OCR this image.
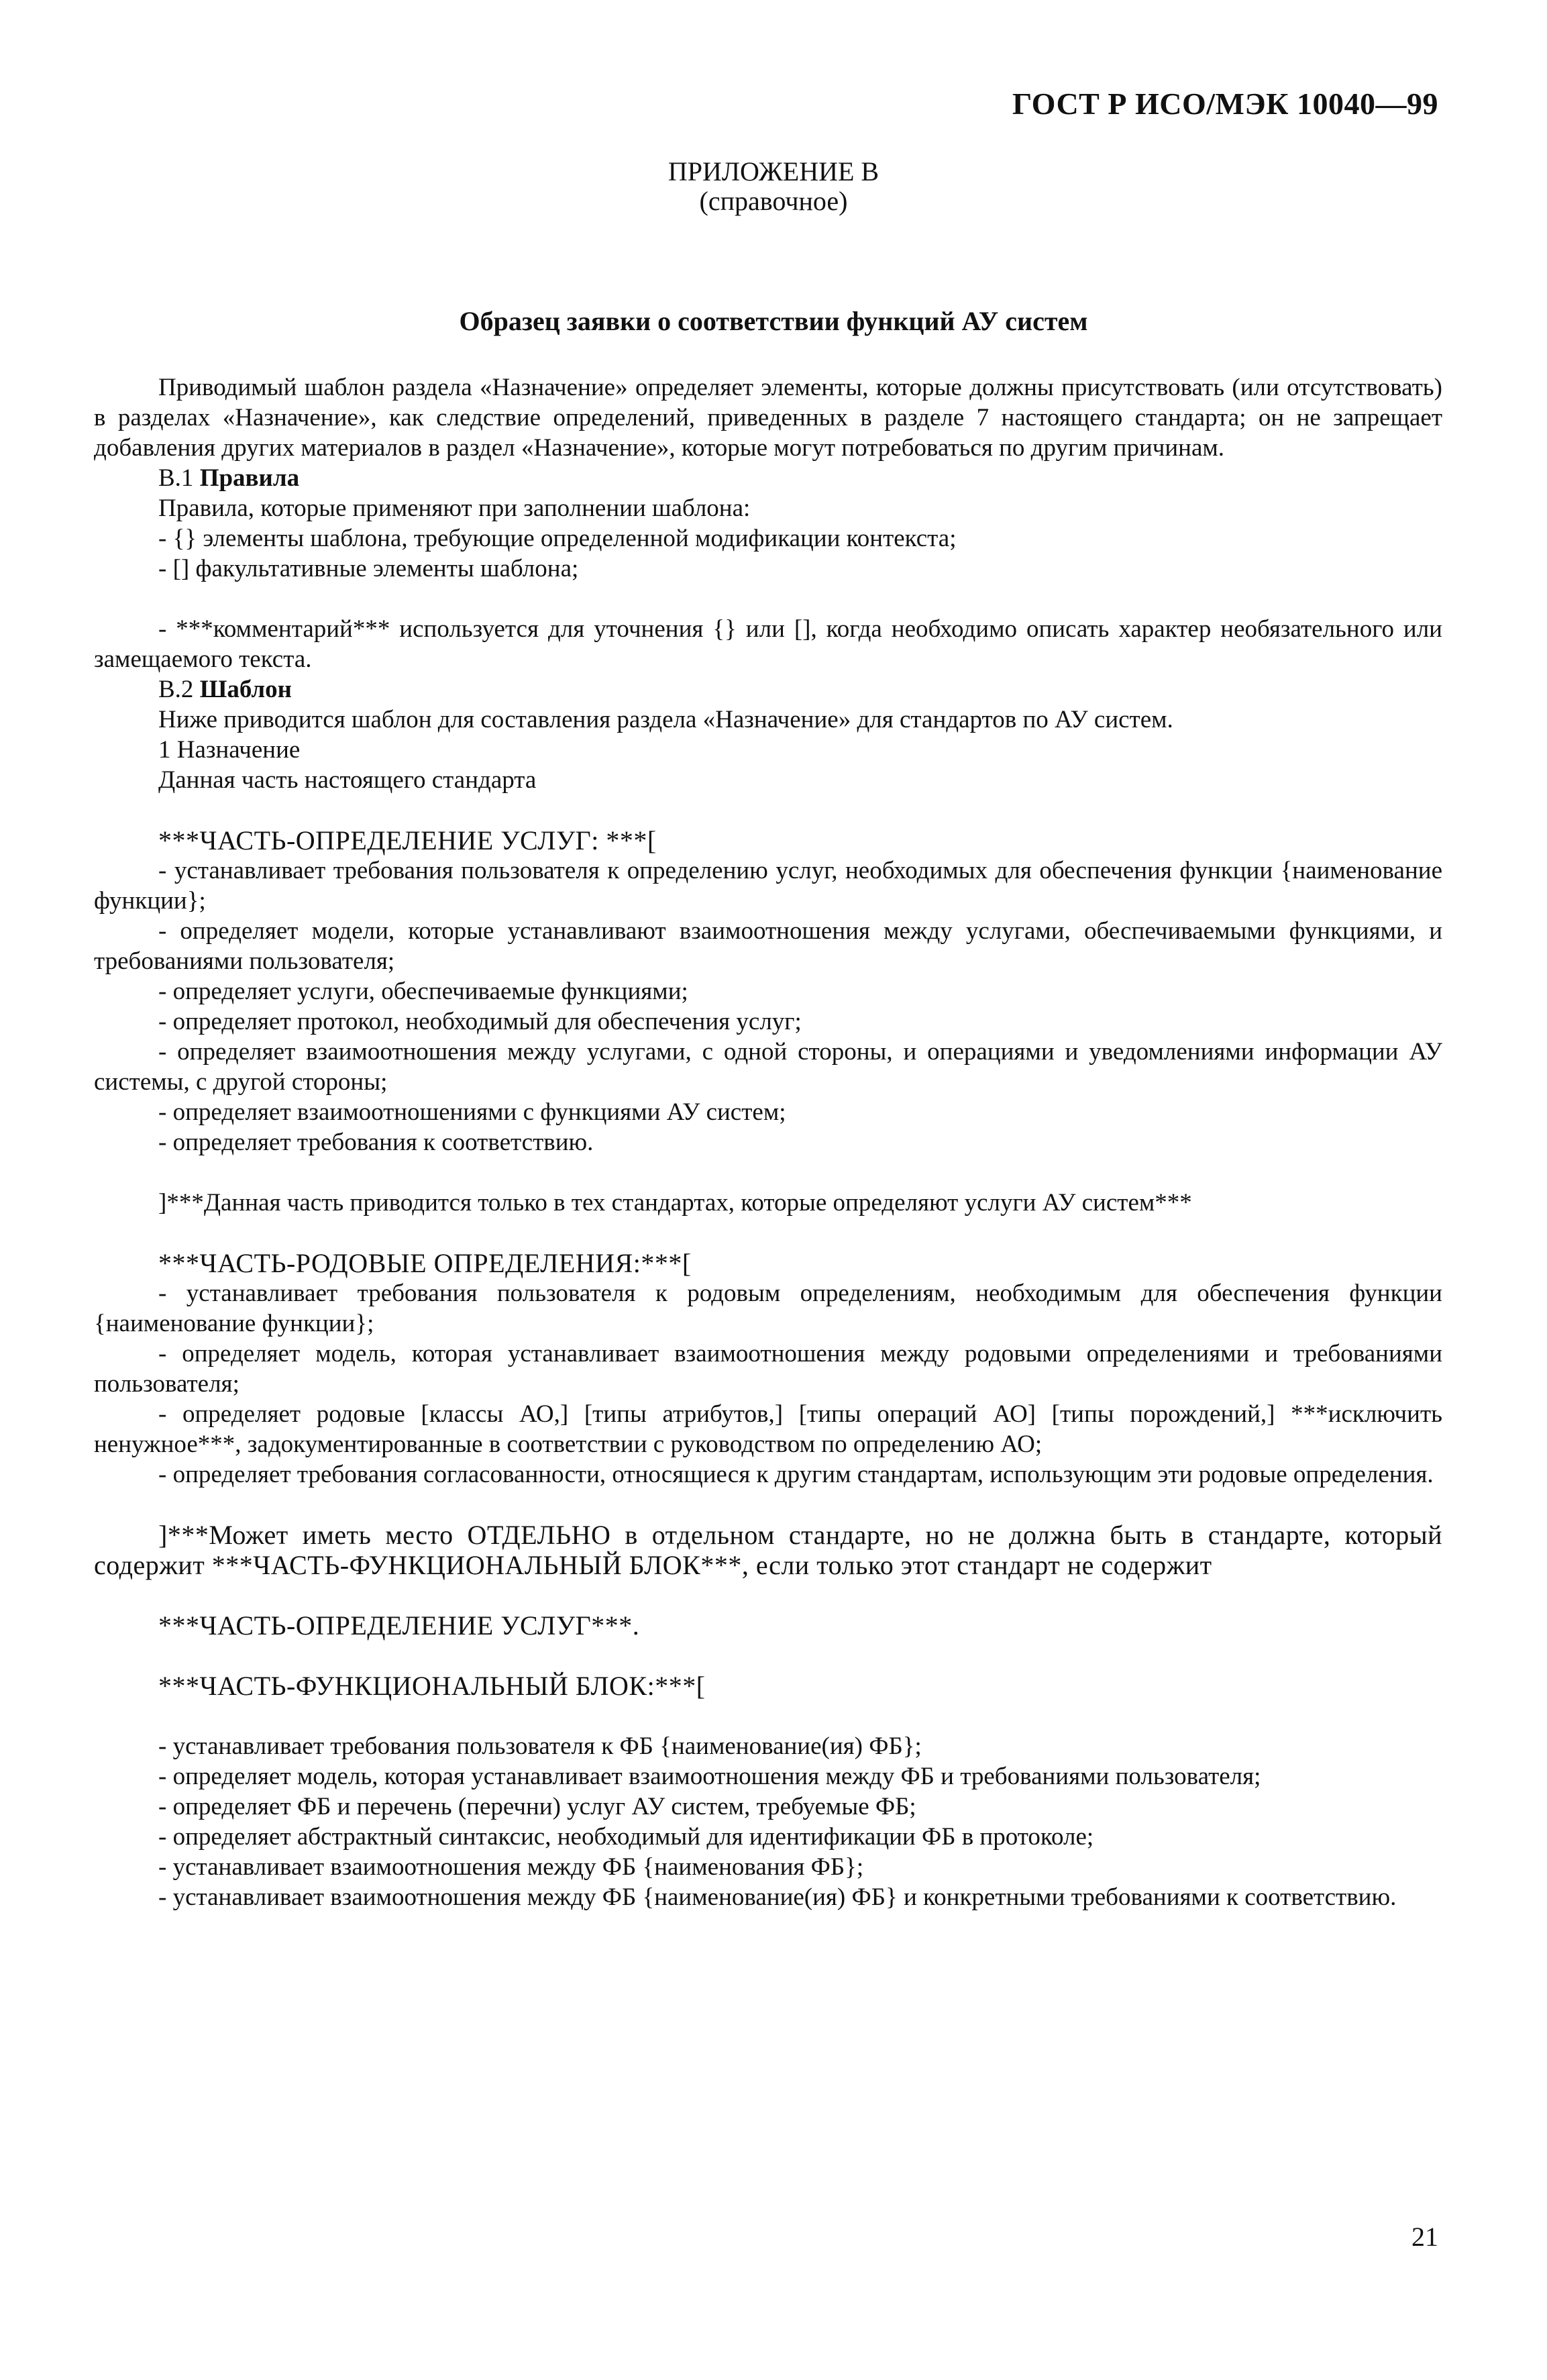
ГОСТ Р ИСО/МЭК 10040—99
ПРИЛОЖЕНИЕ В
(справочное)
Образец заявки о соответствии функций АУ систем

Приводимый шаблон раздела «Назначение» определяет элементы, которые должны присутствовать (или отсутствовать) в разделах «Назначение», как следствие определений, приведенных в разделе 7 настоящего стандарта; он не запрещает добавления других материалов в раздел «Назначение», которые могут потребоваться по другим причинам.

В.1 Правила

Правила, которые применяют при заполнении шаблона:

- {} элементы шаблона, требующие определенной модификации контекста;

- [] факультативные элементы шаблона;

- ***комментарий*** используется для уточнения {} или [], когда необходимо описать характер необязательного или замещаемого текста.

В.2 Шаблон

Ниже приводится шаблон для составления раздела «Назначение» для стандартов по АУ систем.

1 Назначение

Данная часть настоящего стандарта

***ЧАСТЬ-ОПРЕДЕЛЕНИЕ УСЛУГ: ***[

- устанавливает требования пользователя к определению услуг, необходимых для обеспечения функции {наименование функции};

- определяет модели, которые устанавливают взаимоотношения между услугами, обеспечиваемыми функциями, и требованиями пользователя;

- определяет услуги, обеспечиваемые функциями;

- определяет протокол, необходимый для обеспечения услуг;

- определяет взаимоотношения между услугами, с одной стороны, и операциями и уведомлениями информации АУ системы, с другой стороны;

- определяет взаимоотношениями с функциями АУ систем;

- определяет требования к соответствию.

]***Данная часть приводится только в тех стандартах, которые определяют услуги АУ систем***

***ЧАСТЬ-РОДОВЫЕ ОПРЕДЕЛЕНИЯ:***[

- устанавливает требования пользователя к родовым определениям, необходимым для обеспечения функции {наименование функции};

- определяет модель, которая устанавливает взаимоотношения между родовыми определениями и требованиями пользователя;

- определяет родовые [классы АО,] [типы атрибутов,] [типы операций АО] [типы порождений,] ***исключить ненужное***, задокументированные в соответствии с руководством по определению АО;

- определяет требования согласованности, относящиеся к другим стандартам, использующим эти родовые определения.

]***Может иметь место ОТДЕЛЬНО в отдельном стандарте, но не должна быть в стандарте, который содержит ***ЧАСТЬ-ФУНКЦИОНАЛЬНЫЙ БЛОК***, если только этот стандарт не содержит

***ЧАСТЬ-ОПРЕДЕЛЕНИЕ УСЛУГ***.

***ЧАСТЬ-ФУНКЦИОНАЛЬНЫЙ БЛОК:***[

- устанавливает требования пользователя к ФБ {наименование(ия) ФБ};

- определяет модель, которая устанавливает взаимоотношения между ФБ и требованиями пользователя;

- определяет ФБ и перечень (перечни) услуг АУ систем, требуемые ФБ;

- определяет абстрактный синтаксис, необходимый для идентификации ФБ в протоколе;

- устанавливает взаимоотношения между ФБ {наименования ФБ};

- устанавливает взаимоотношения между ФБ {наименование(ия) ФБ} и конкретными требованиями к соответствию.

21
